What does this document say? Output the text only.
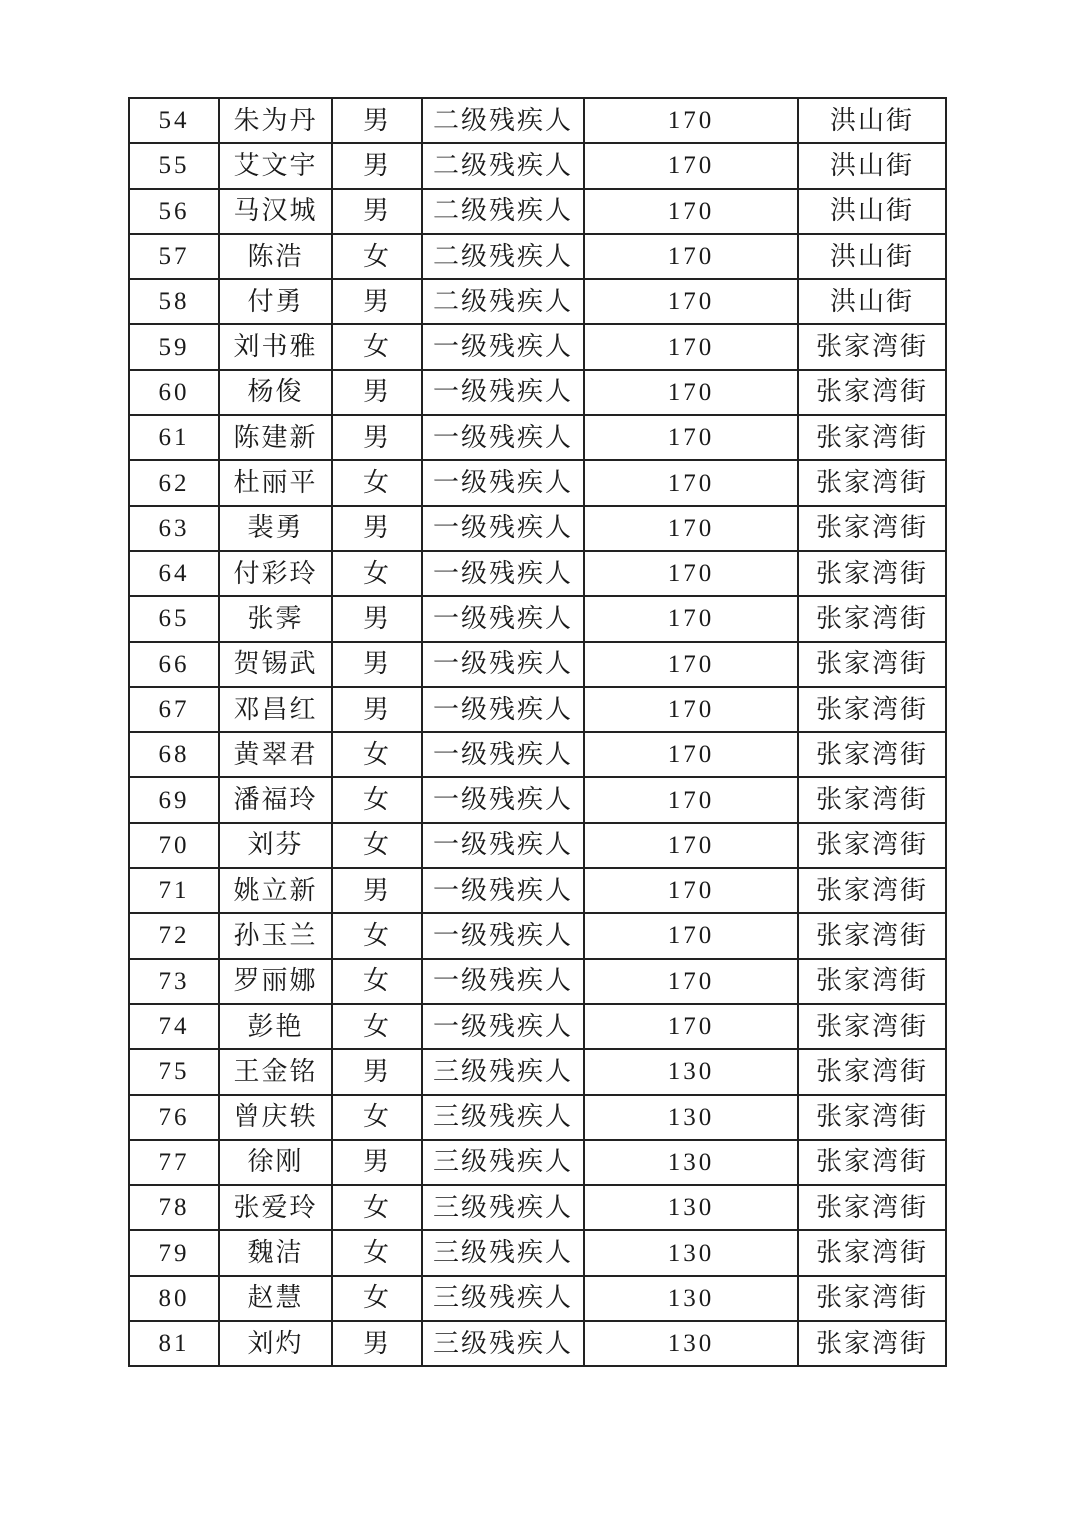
54	朱为丹	男	二级残疾人	170	洪山街
55	艾文宇	男	二级残疾人	170	洪山街
56	马汉城	男	二级残疾人	170	洪山街
57	陈浩	女	二级残疾人	170	洪山街
58	付勇	男	二级残疾人	170	洪山街
59	刘书雅	女	一级残疾人	170	张家湾街
60	杨俊	男	一级残疾人	170	张家湾街
61	陈建新	男	一级残疾人	170	张家湾街
62	杜丽平	女	一级残疾人	170	张家湾街
63	裴勇	男	一级残疾人	170	张家湾街
64	付彩玲	女	一级残疾人	170	张家湾街
65	张霁	男	一级残疾人	170	张家湾街
66	贺锡武	男	一级残疾人	170	张家湾街
67	邓昌红	男	一级残疾人	170	张家湾街
68	黄翠君	女	一级残疾人	170	张家湾街
69	潘福玲	女	一级残疾人	170	张家湾街
70	刘芬	女	一级残疾人	170	张家湾街
71	姚立新	男	一级残疾人	170	张家湾街
72	孙玉兰	女	一级残疾人	170	张家湾街
73	罗丽娜	女	一级残疾人	170	张家湾街
74	彭艳	女	一级残疾人	170	张家湾街
75	王金铭	男	三级残疾人	130	张家湾街
76	曾庆轶	女	三级残疾人	130	张家湾街
77	徐刚	男	三级残疾人	130	张家湾街
78	张爱玲	女	三级残疾人	130	张家湾街
79	魏洁	女	三级残疾人	130	张家湾街
80	赵慧	女	三级残疾人	130	张家湾街
81	刘灼	男	三级残疾人	130	张家湾街
